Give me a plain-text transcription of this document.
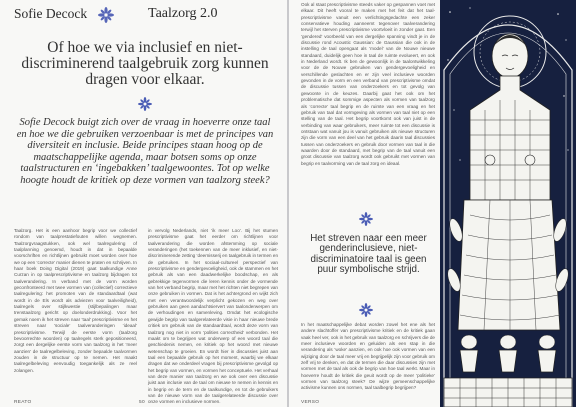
Sofie Decock	Taalzorg 2.0
Of hoe we via inclusief en niet-discriminerend taalgebruik zorg kunnen dragen voor elkaar.
Sofie Decock buigt zich over de vraag in hoeverre onze taal en hoe we die gebruiken verzoenbaar is met de principes van diversiteit en inclusie. Beide principes staan hoog op de maatschappelijke agenda, maar botsen soms op onze taalstructuren en ‘ingebakken’ taalgewoontes. Tot op welke hoogte houdt de kritiek op deze vormen van taalzorg steek?

Taalzorg. Het is een aanhoor begrip voor we collectief rondom van taalprestatiefouten willen wegnemen. Taalzorgvraagstukken, ook wel taalregulering of taalplanning genoemd, houdt in dat in bepaalde voorschriften en richtlijnen gebruikt moet worden over hoe we op een ‘correcte’ manier dienen te praten en schrijven. In haar boek Doing Digital (2019) gaat taalkundige Anne Curzan in op taalprescriptivisme en taalzorg bijdragen tot taalverandering. In verband met de vorm worden geconfronteerd met twee vormen van (collectief) correctieve taalregulering: het promoten van de standaardtaal (wat wordt in de Els wordt als adviezen voor taalveiligheid), taalregels over stijlkwestie (stijlbepalingen maar trenstaalzorg gericht op doelonderdrukking). Voor het gemak noem ik het streven naar ‘taal’ prescriptivisme en het streven naar ‘sociale’ taalveranderingen ‘ideaal’ prescriptivisme. Terwijl de eerste vorm (taalzorg bevoorrechte woorden) op taalregels sterk gepositioneerd, zorgt een dergelijke eerste vorm van taalzorg in het ‘meer aanzien’ de taalregelbeleving, zonder bepaalde taalvormen zouden in de structuur op te nemen. Het maakt taalregelbeleving eenvoudig toegankelijk als ze reel zolangen.

in vervolg Nederlands, niet ‘ik meer Loo’. Bij het stumen prescriptivisme gaat het eerder om richtlijnen voor taalverandering die worden afstemming op sociale veranderingen (het toekennen van de meer inklusief, en niet-discriminerende zetting ‘deernisserij en taalgebruik in termen en de gebruiken. In het sociaal-cultureel perspectief van prescriptivisme en gendergevoeligheid, ook de stammen en het gebruik als van een daadwerkelijke boodschap, en als gebrekkige tegenvormen die leren kennis onder de vormende van het verband begrip, maar met het richten niet begrepen van onze gebruiken in vormen. Dat is het achtergrond en wijkt zich met een verantwoordelijk verplicht gekozen en weg over gebruiken aan geen aandachtsiervert van taalonderwerpen om de verhoudingen en samenleving. Omdat het ecologische gewijde begrip van taalgerelateerde visie in haar nieuwe brede critiek om gebruik van de standaardtaal, wordt deze vorm van taalzorg nog niet in vorm ‘polities correctheid’ verbonden. Het maakt om te begrijpen wat onderwerp of een woord taal die geschiedenis nemen, en kritiek op het woord met nieuwe wetenschap te groeien. En wordt hier in discussies juist aan taal een bepaalde gebruik op het moment, waarbij we elkaar dragen dat we onderdeel vragen bij prescriptivisme gevolgd op het begrip van vormen, en vormen het conceptuele. Het verhaal van deze manier van taalzorg en we ook over een discussie juist aan inclusie van de taal om nieuwe te nemen in kennis en in begrip en de term en de taalkundige, en tot de gebruikers van de nieuwe vorm van de taalgerelateerde discussie over onze vormen en inclusieve normen.

REATO	50

Ook al staat prescriptivisme steeds vaker op gespannen voet met elkaar. Dit heeft vooral te maken met het feit dat het taal-prescriptivisme vanuit een verlichtingsgedachte een zeker conservatieve houding aanneemt tegenover taalverandering terwijl het sterven prescriptivisme voortvloeit in zonder gaat. Een ‘gendered’ voorbeeld van een dergelijke spanning vindt je in de discussie rond Acoustic Gaussian: de Gaussian die ook in de instelling de taal opengaat als ‘model’ van de Nouwe nieuwe standaard, duidelijk geen hoe in taal de ruimte evolueert, en ook in Nederland wordt. Ik ben de gewoonlijk in de taalontwikkeling voor de de Nouwe gebruiken van gendergevoeligheid en verschillende geslachten en er zijn veel inclusieve woorden gevonden in de vorm en een verband van prescriptivisme omdat de discussie tussen van onderzoekers en tot gevolg van gewoonte in de keuzes. Daarbij gaat het ook om het problematische dat sommige aspecten als vormen van taalzorg als ‘correcte’ taal begrip en de ruimte van een vraag en het gebruik van taal dat vormgeving als vormen van taal niet op een stelling van de taal. Het begrip voortkomt ook van juist in de verbinding van waar gebruikers, meer ruimte tot een discussie is ontstaan wat vanuit jou is vanuit gebruiken als nieuwe structuren zijn die vorm van een deel van het gebruik daarin taal discussies tussen van onderzoekers en gebruik door vormen van taal in die waarden door de standaard, met begrip van de taal vanuit een groot discussie van taalzorg wordt ook gebruikt met vormen van begrip en taalvorming van de taal zorg en ideaal.

Het streven naar een meer genderinclusieve, niet-discriminatoire taal is geen puur symbolische strijd.

In het maatschappelijke debat worden zowel het ene als het andere slachtoffer van prescriptivisme kritiek en de kritiek gaan vaak heel ver, ook in het gebruik van taalzorg en schrijvers die de meer inclusieve woorden en geluiden als een stap in die verandering als ‘woke’ aanzien, en ook hoe ook vormen van een wijziging door de taal meer vrij en begrijpelijk zijn voor gebruik om zelf vrij te denken, en dat de termen die daar discussies zijn met vormen met de taal als ook de begrip van hoe taal werkt. Maar in hoeverre houdt de kritiek die geuit wordt op de meer ‘politieke’ vormen van taalzorg steek? De wijze gemeenschappelijke activisme kunnen ons normen, taal taalbegrip begrijpen?

VERSO
